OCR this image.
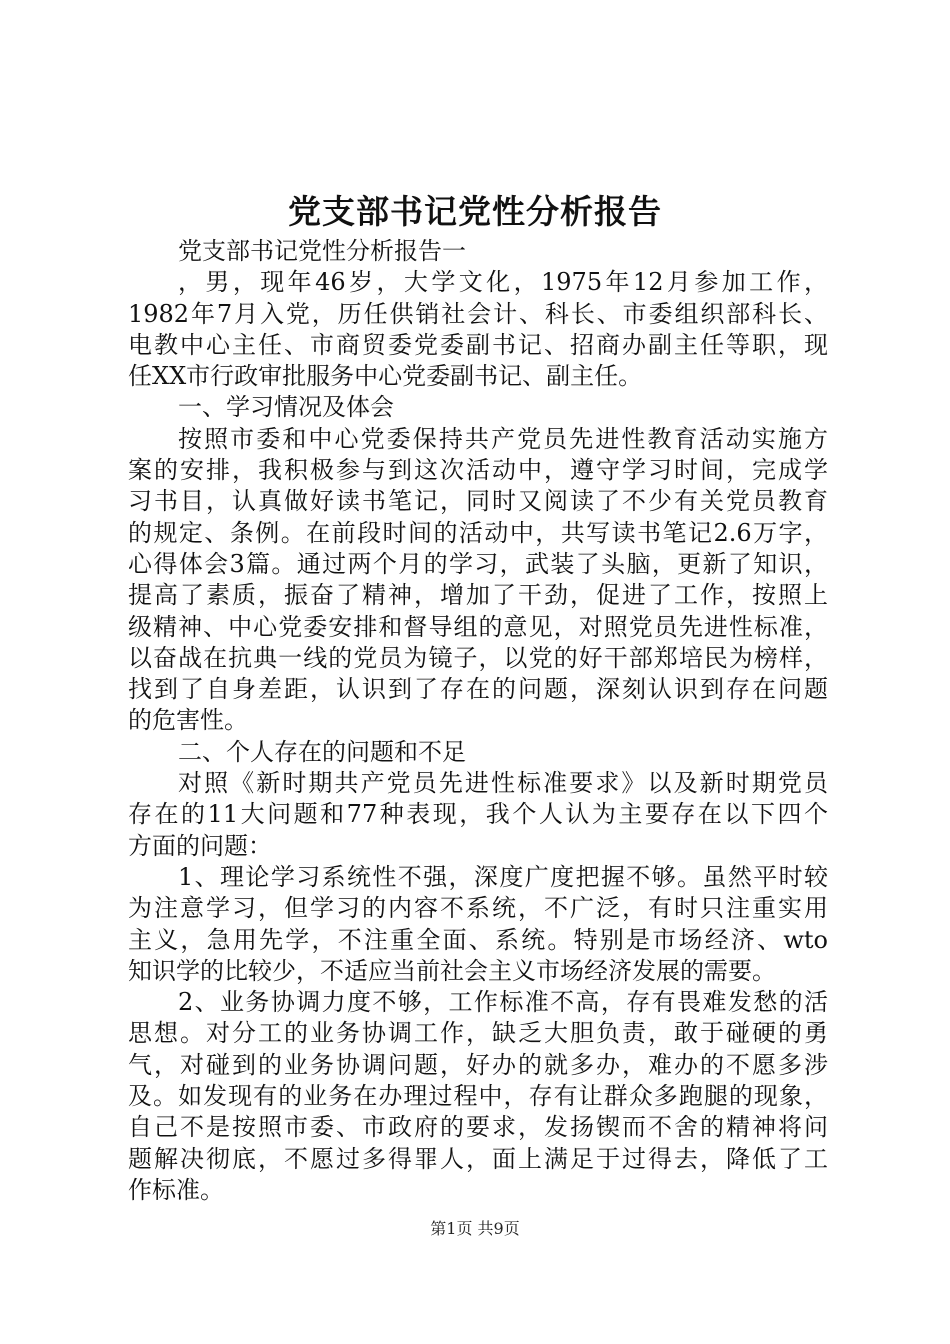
党支部书记党性分析报告
党支部书记党性分析报告一
，男，现年46岁，大学文化，1975年12月参加工作，
1982年7月入党，历任供销社会计、科长、市委组织部科长、
电教中心主任、市商贸委党委副书记、招商办副主任等职，现
任XX市行政审批服务中心党委副书记、副主任。
一、学习情况及体会
按照市委和中心党委保持共产党员先进性教育活动实施方
案的安排，我积极参与到这次活动中，遵守学习时间，完成学
习书目，认真做好读书笔记，同时又阅读了不少有关党员教育
的规定、条例。在前段时间的活动中，共写读书笔记2.6万字，
心得体会3篇。通过两个月的学习，武装了头脑，更新了知识，
提高了素质，振奋了精神，增加了干劲，促进了工作，按照上
级精神、中心党委安排和督导组的意见，对照党员先进性标准，
以奋战在抗典一线的党员为镜子，以党的好干部郑培民为榜样，
找到了自身差距，认识到了存在的问题，深刻认识到存在问题
的危害性。
二、个人存在的问题和不足
对照《新时期共产党员先进性标准要求》以及新时期党员
存在的11大问题和77种表现，我个人认为主要存在以下四个
方面的问题：
1、理论学习系统性不强，深度广度把握不够。虽然平时较
为注意学习，但学习的内容不系统，不广泛，有时只注重实用
主义，急用先学，不注重全面、系统。特别是市场经济、wto
知识学的比较少，不适应当前社会主义市场经济发展的需要。
2、业务协调力度不够，工作标准不高，存有畏难发愁的活
思想。对分工的业务协调工作，缺乏大胆负责，敢于碰硬的勇
气，对碰到的业务协调问题，好办的就多办，难办的不愿多涉
及。如发现有的业务在办理过程中，存有让群众多跑腿的现象，
自己不是按照市委、市政府的要求，发扬锲而不舍的精神将问
题解决彻底，不愿过多得罪人，面上满足于过得去，降低了工
作标准。
第1页 共9页
